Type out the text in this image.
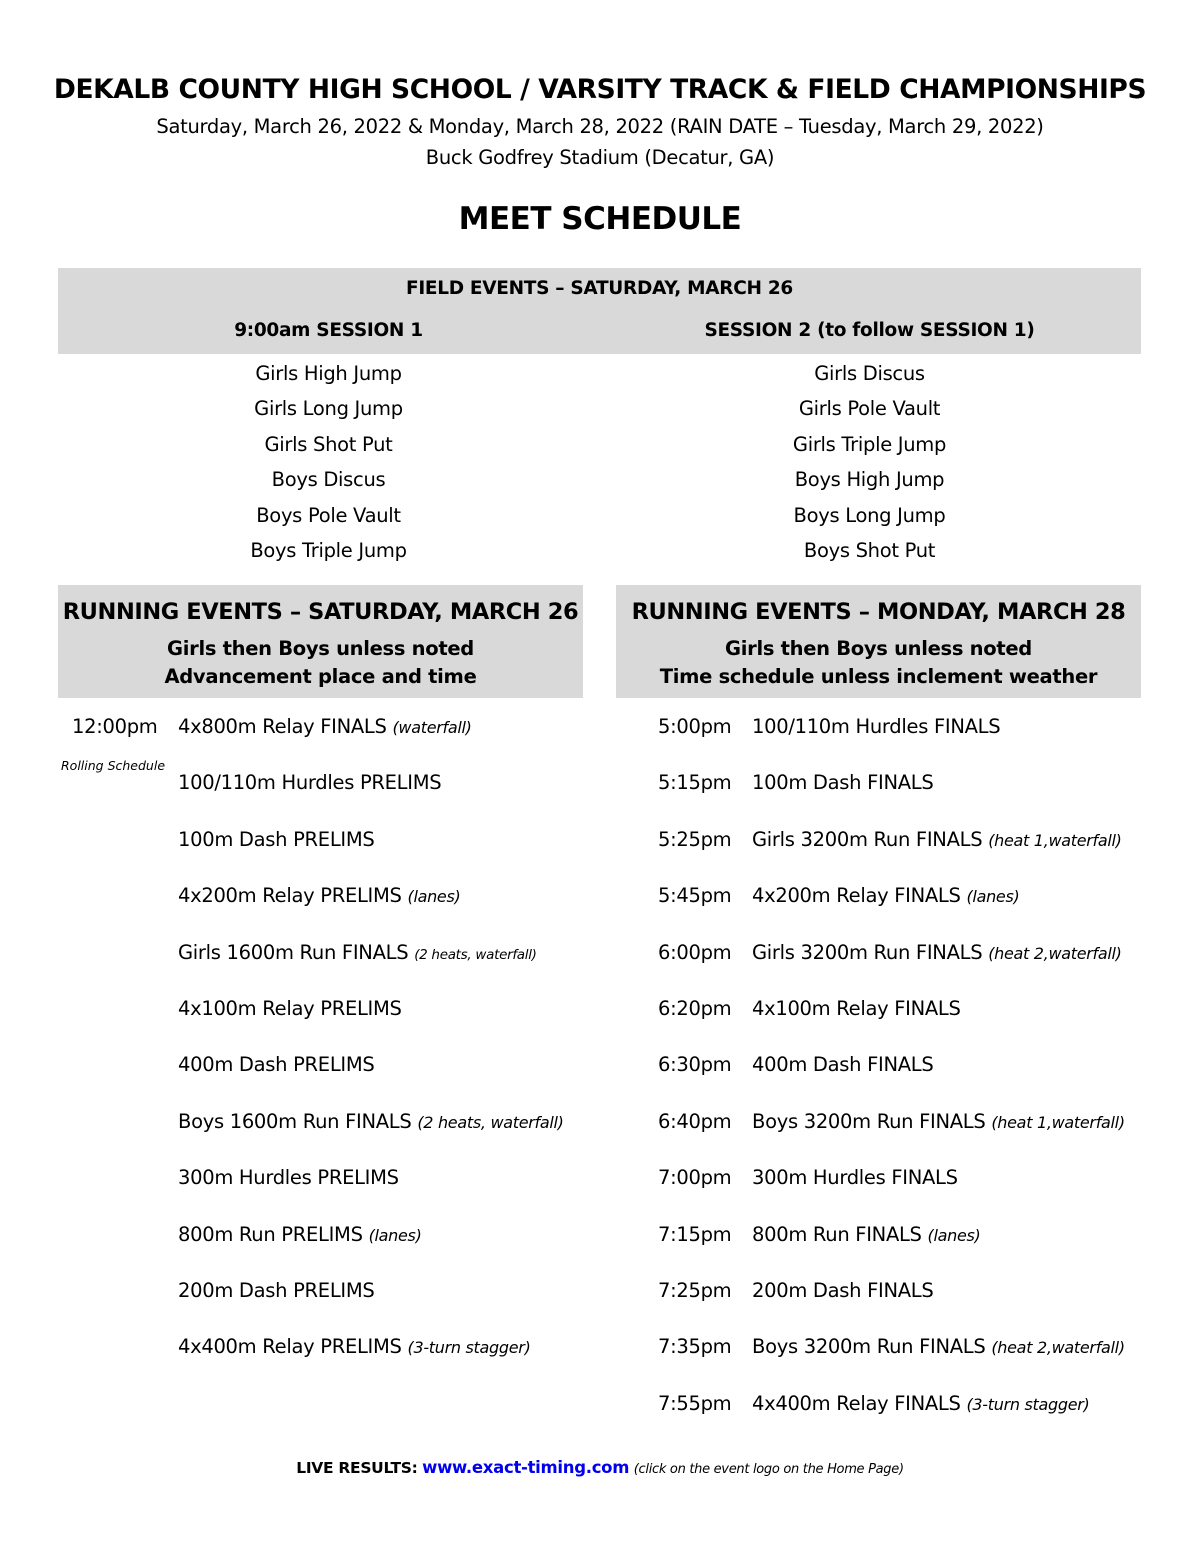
DEKALB COUNTY HIGH SCHOOL / VARSITY TRACK & FIELD CHAMPIONSHIPS
Saturday, March 26, 2022 & Monday, March 28, 2022 (RAIN DATE – Tuesday, March 29, 2022)
Buck Godfrey Stadium (Decatur, GA)
MEET SCHEDULE
FIELD EVENTS – SATURDAY, MARCH 26
9:00am SESSION 1	SESSION 2 (to follow SESSION 1)
Girls High Jump
Girls Long Jump
Girls Shot Put
Boys Discus
Boys Pole Vault
Boys Triple Jump
Girls Discus
Girls Pole Vault
Girls Triple Jump
Boys High Jump
Boys Long Jump
Boys Shot Put
RUNNING EVENTS – SATURDAY, MARCH 26
Girls then Boys unless noted
Advancement place and time
RUNNING EVENTS – MONDAY, MARCH 28
Girls then Boys unless noted
Time schedule unless inclement weather
Rolling Schedule
12:00pm 4x800m Relay FINALS (waterfall)
100/110m Hurdles PRELIMS
100m Dash PRELIMS
4x200m Relay PRELIMS (lanes)
Girls 1600m Run FINALS (2 heats, waterfall)
4x100m Relay PRELIMS
400m Dash PRELIMS
Boys 1600m Run FINALS (2 heats, waterfall)
300m Hurdles PRELIMS
800m Run PRELIMS (lanes)
200m Dash PRELIMS
4x400m Relay PRELIMS (3-turn stagger)
5:00pm 100/110m Hurdles FINALS
5:15pm 100m Dash FINALS
5:25pm Girls 3200m Run FINALS (heat 1,waterfall)
5:45pm 4x200m Relay FINALS (lanes)
6:00pm Girls 3200m Run FINALS (heat 2,waterfall)
6:20pm 4x100m Relay FINALS
6:30pm 400m Dash FINALS
6:40pm Boys 3200m Run FINALS (heat 1,waterfall)
7:00pm 300m Hurdles FINALS
7:15pm 800m Run FINALS (lanes)
7:25pm 200m Dash FINALS
7:35pm Boys 3200m Run FINALS (heat 2,waterfall)
7:55pm 4x400m Relay FINALS (3-turn stagger)
LIVE RESULTS: www.exact-timing.com (click on the event logo on the Home Page)
